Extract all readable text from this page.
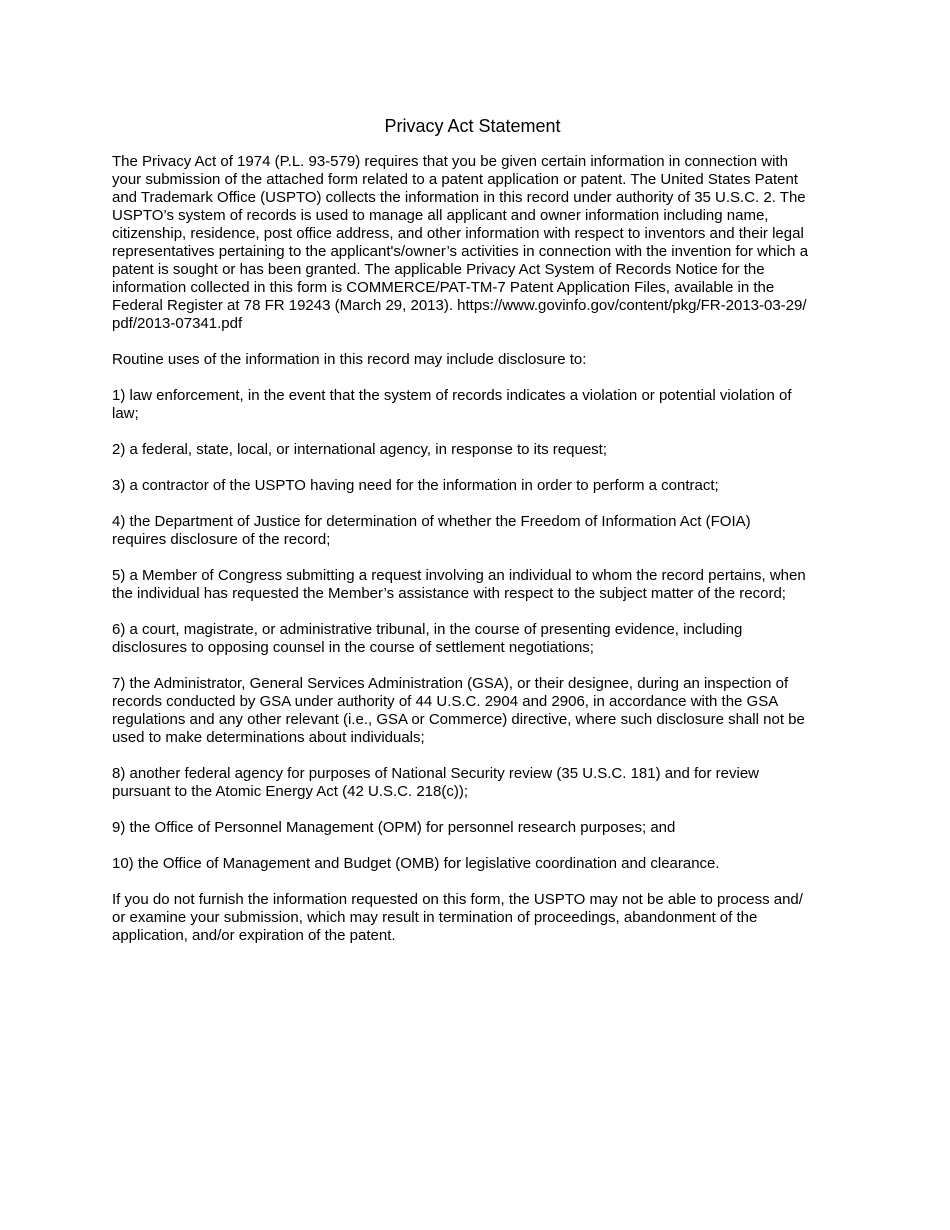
Privacy Act Statement
The Privacy Act of 1974 (P.L. 93-579) requires that you be given certain information in connection with
your submission of the attached form related to a patent application or patent. The United States Patent
and Trademark Office (USPTO) collects the information in this record under authority of 35 U.S.C. 2. The
USPTO’s system of records is used to manage all applicant and owner information including name,
citizenship, residence, post office address, and other information with respect to inventors and their legal
representatives pertaining to the applicant's/owner’s activities in connection with the invention for which a
patent is sought or has been granted. The applicable Privacy Act System of Records Notice for the
information collected in this form is COMMERCE/PAT-TM-7 Patent Application Files, available in the
Federal Register at 78 FR 19243 (March 29, 2013). https://www.govinfo.gov/content/pkg/FR-2013-03-29/
pdf/2013-07341.pdf
Routine uses of the information in this record may include disclosure to:
1) law enforcement, in the event that the system of records indicates a violation or potential violation of
law;
2) a federal, state, local, or international agency, in response to its request;
3) a contractor of the USPTO having need for the information in order to perform a contract;
4) the Department of Justice for determination of whether the Freedom of Information Act (FOIA)
requires disclosure of the record;
5) a Member of Congress submitting a request involving an individual to whom the record pertains, when
the individual has requested the Member’s assistance with respect to the subject matter of the record;
6) a court, magistrate, or administrative tribunal, in the course of presenting evidence, including
disclosures to opposing counsel in the course of settlement negotiations;
7) the Administrator, General Services Administration (GSA), or their designee, during an inspection of
records conducted by GSA under authority of 44 U.S.C. 2904 and 2906, in accordance with the GSA
regulations and any other relevant (i.e., GSA or Commerce) directive, where such disclosure shall not be
used to make determinations about individuals;
8) another federal agency for purposes of National Security review (35 U.S.C. 181) and for review
pursuant to the Atomic Energy Act (42 U.S.C. 218(c));
9) the Office of Personnel Management (OPM) for personnel research purposes; and
10) the Office of Management and Budget (OMB) for legislative coordination and clearance.
If you do not furnish the information requested on this form, the USPTO may not be able to process and/
or examine your submission, which may result in termination of proceedings, abandonment of the
application, and/or expiration of the patent.
